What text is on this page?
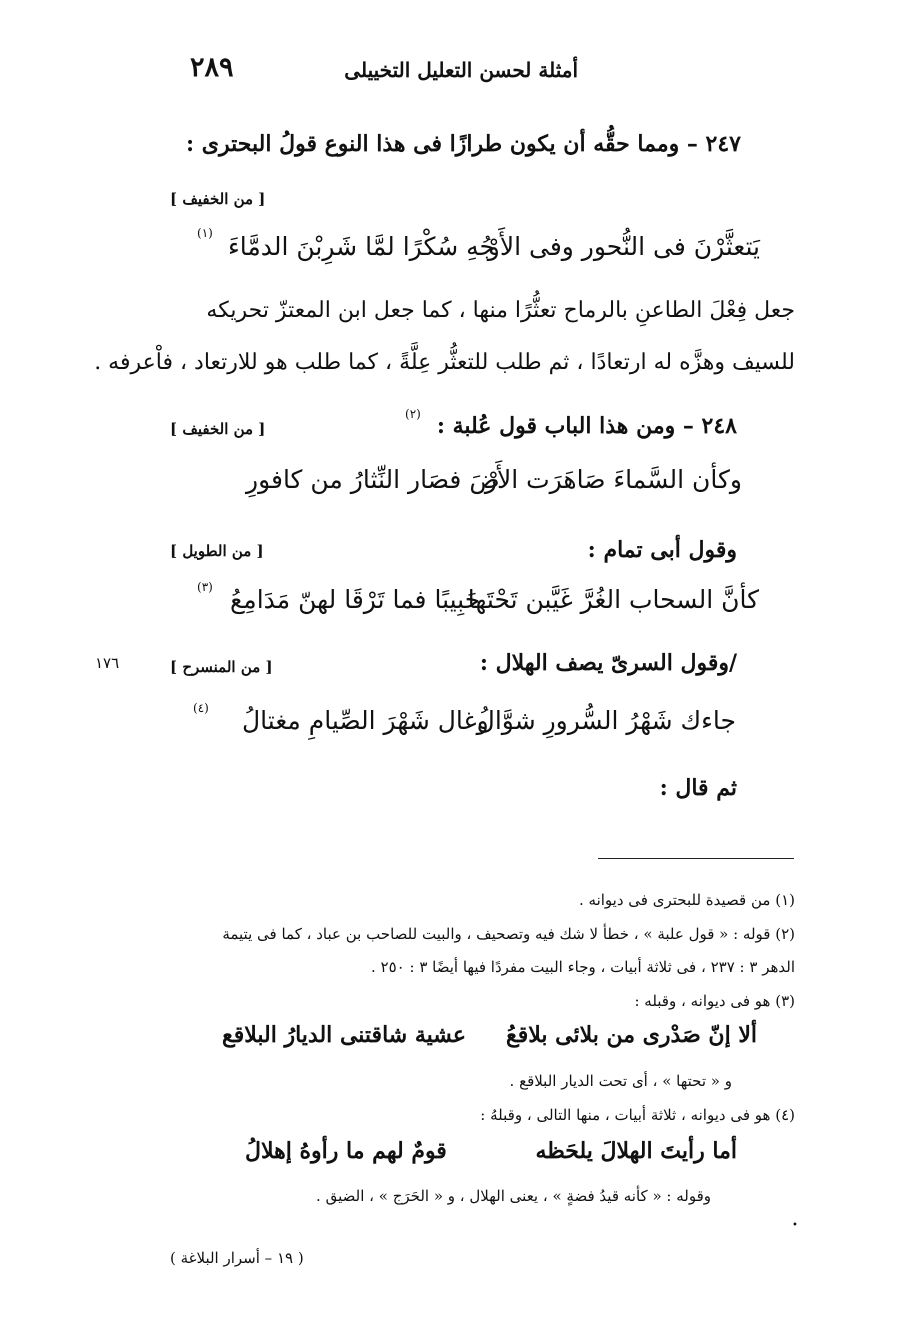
٢٨٩	أمثلة لحسن التعليل التخييلى
٢٤٧ – ومما حقُّه أن يكون طرازًا فى هذا النوع قولُ البحترى :
[ من الخفيف ]
يَتعثَّرْنَ فى النُّحور وفى الأَوْ
جُهِ سُكْرًا لمَّا شَرِبْنَ الدمَّاءَ
(١)
جعل فِعْلَ الطاعنِ بالرماح تعثُّرًا منها ، كما جعل ابن المعتزّ تحريكه
للسيف وهزَّه له ارتعادًا ، ثم طلب للتعثُّر عِلَّةً ، كما طلب هو للارتعاد ، فاْعرفه .
٢٤٨ – ومن هذا الباب قول عُلبة :
(٢)
[ من الخفيف ]
وكأن السَّماءَ صَاهَرَت الأَرْ
ضَ فصَار النِّثارُ من كافورِ
وقول أبى تمام :
[ من الطويل ]
كأنَّ السحاب الغُرَّ غَيَّبن تَحْتَها
حَبِيبًا فما تَرْقَا لهنّ مَدَامِعُ
(٣)
/وقول السرىّ يصف الهلال :
[ من المنسرح ]
١٧٦
جاءك شَهْرُ السُّرورِ شوَّالُ
وغال شَهْرَ الصِّيامِ مغتالُ
(٤)
ثم قال :
(١) من قصيدة للبحترى فى ديوانه .
(٢) قوله : « قول علبة » ، خطأ لا شك فيه وتصحيف ، والبيت للصاحب بن عباد ، كما فى يتيمة
الدهر ٣ : ٢٣٧ ، فى ثلاثة أبيات ، وجاء البيت مفردًا فيها أيضًا ٣ : ٢٥٠ .
(٣) هو فى ديوانه ، وقبله :
ألا إنّ صَدْرى من بلائى بلاقعُ
عشية شاقتنى الديارُ البلاقع
و « تحتها » ، أى تحت الديار البلاقع .
(٤) هو فى ديوانه ، ثلاثة أبيات ، منها التالى ، وقبلهُ :
أما رأيتَ الهلالَ يلحَظه
قومٌ لهم ما رأوهُ إهلالُ
وقوله : « كأنه قيدُ فضةٍ » ، يعنى الهلال ، و « الحَرَج » ، الضيق .
•
( ١٩ – أسرار البلاغة )
